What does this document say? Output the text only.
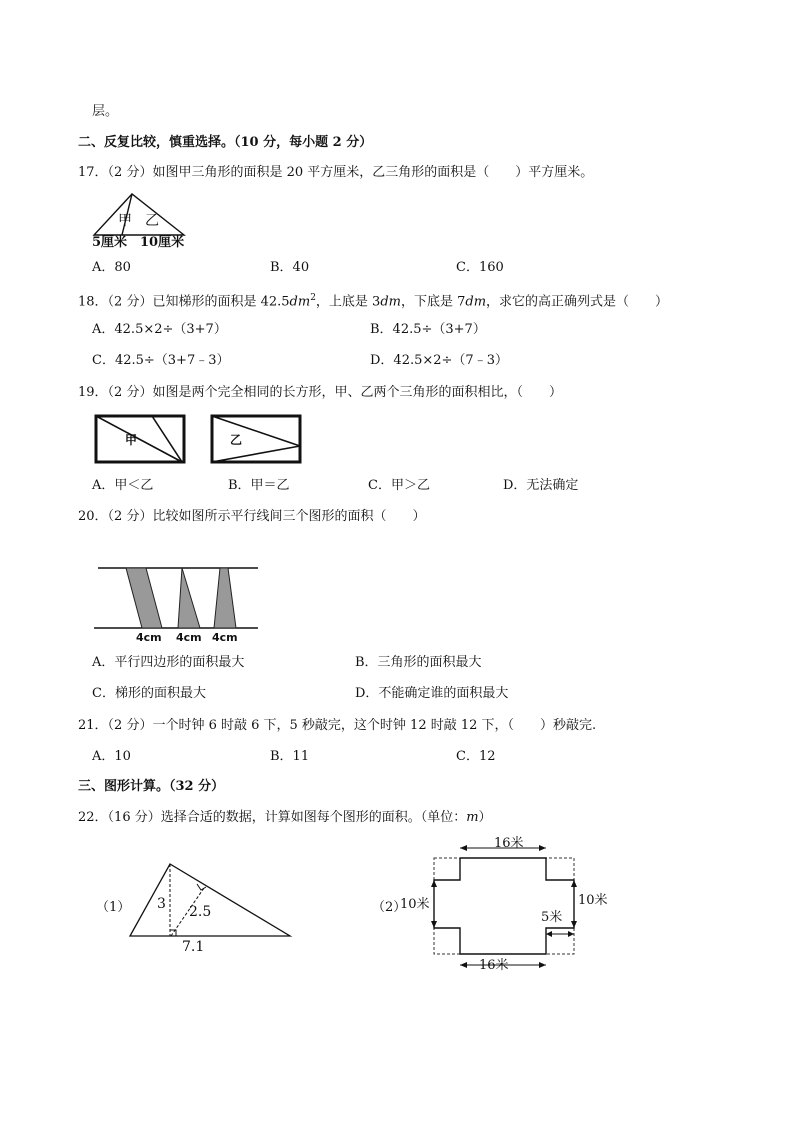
层。
二、反复比较，慎重选择。（10 分，每小题 2 分）
17．（2 分）如图甲三角形的面积是 20 平方厘米，乙三角形的面积是（　　）平方厘米。
甲 乙
5厘米 10厘米
A．80	B．40	C．160
18．（2 分）已知梯形的面积是 $42.5dm^2$，上底是 3dm，下底是 7dm，求它的高正确列式是（　　）
A．42.5×2÷（3+7）	B．42.5÷（3+7）
C．42.5÷（3+7﹣3）	D．42.5×2÷（7﹣3）
19．（2 分）如图是两个完全相同的长方形，甲、乙两个三角形的面积相比，（　　）
甲	乙
A．甲＜乙	B．甲＝乙	C．甲＞乙	D．无法确定
20．（2 分）比较如图所示平行线间三个图形的面积（　　）
4cm 4cm 4cm
A．平行四边形的面积最大	B．三角形的面积最大
C．梯形的面积最大	D．不能确定谁的面积最大
21．（2 分）一个时钟 6 时敲 6 下，5 秒敲完，这个时钟 12 时敲 12 下，（　　）秒敲完.
A．10	B．11	C．12
三、图形计算。（32 分）
22．（16 分）选择合适的数据，计算如图每个图形的面积。（单位：m）
（1） 3 2.5
7.1
（2）
16米
16米
10米	10米
5米
